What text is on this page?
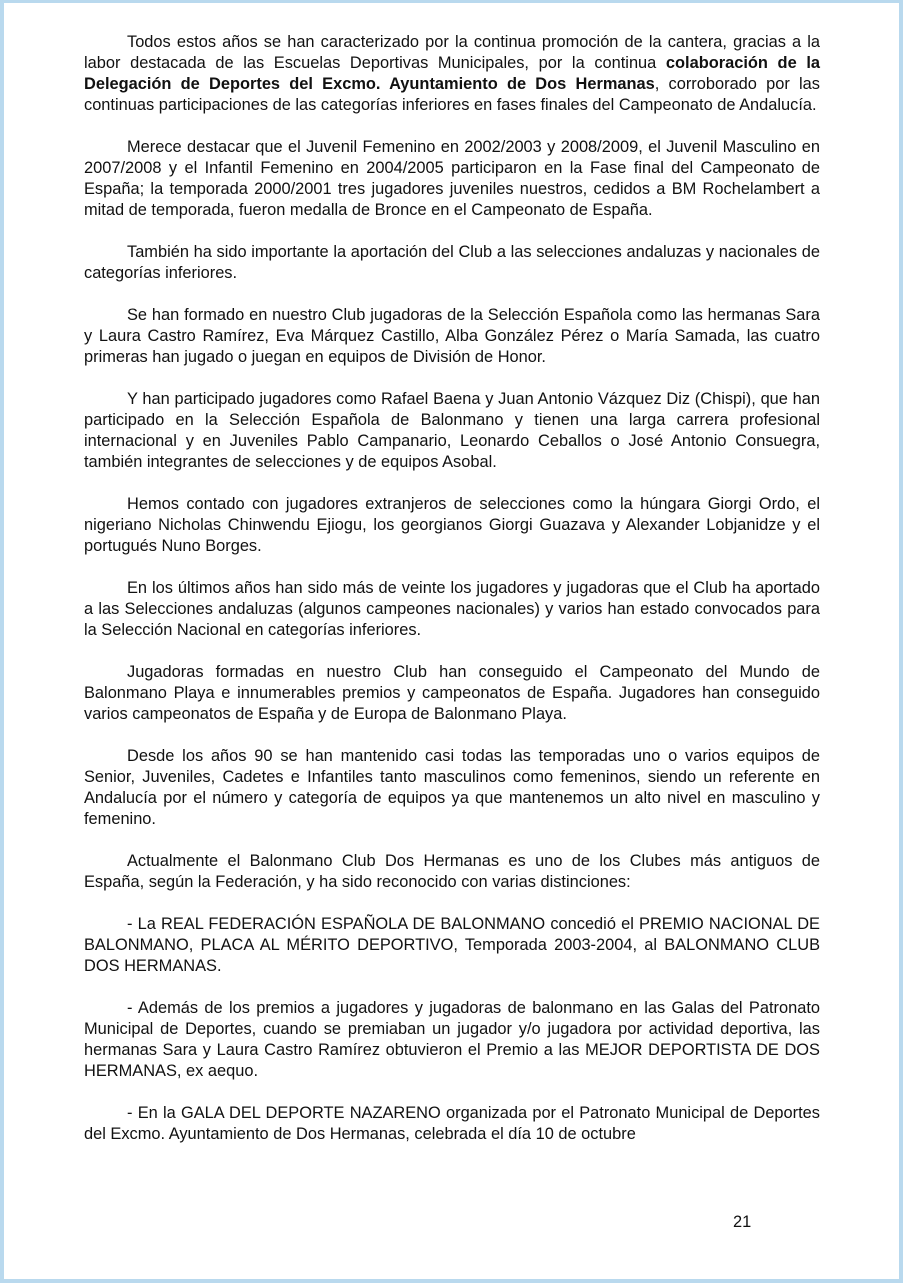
Todos estos años se han caracterizado por la continua promoción de la cantera, gracias a la labor destacada de las Escuelas Deportivas Municipales, por la continua colaboración de la Delegación de Deportes del Excmo. Ayuntamiento de Dos Hermanas, corroborado por las continuas participaciones de las categorías inferiores en fases finales del Campeonato de Andalucía.

Merece destacar que el Juvenil Femenino en 2002/2003 y 2008/2009, el Juvenil Masculino en 2007/2008 y el Infantil Femenino en 2004/2005 participaron en la Fase final del Campeonato de España; la temporada 2000/2001 tres jugadores juveniles nuestros, cedidos a BM Rochelambert a mitad de temporada, fueron medalla de Bronce en el Campeonato de España.

También ha sido importante la aportación del Club a las selecciones andaluzas y nacionales de categorías inferiores.

Se han formado en nuestro Club jugadoras de la Selección Española como las hermanas Sara y Laura Castro Ramírez, Eva Márquez Castillo, Alba González Pérez o María Samada, las cuatro primeras han jugado o juegan en equipos de División de Honor.

Y han participado jugadores como Rafael Baena y Juan Antonio Vázquez Diz (Chispi), que han participado en la Selección Española de Balonmano y tienen una larga carrera profesional internacional y en Juveniles Pablo Campanario, Leonardo Ceballos o José Antonio Consuegra, también integrantes de selecciones y de equipos Asobal.

Hemos contado con jugadores extranjeros de selecciones como la húngara Giorgi Ordo, el nigeriano Nicholas Chinwendu Ejiogu, los georgianos Giorgi Guazava y Alexander Lobjanidze y el portugués Nuno Borges.

En los últimos años han sido más de veinte los jugadores y jugadoras que el Club ha aportado a las Selecciones andaluzas (algunos campeones nacionales) y varios han estado convocados para la Selección Nacional en categorías inferiores.

Jugadoras formadas en nuestro Club han conseguido el Campeonato del Mundo de Balonmano Playa e innumerables premios y campeonatos de España. Jugadores han conseguido varios campeonatos de España y de Europa de Balonmano Playa.

Desde los años 90 se han mantenido casi todas las temporadas uno o varios equipos de Senior, Juveniles, Cadetes e Infantiles tanto masculinos como femeninos, siendo un referente en Andalucía por el número y categoría de equipos ya que mantenemos un alto nivel en masculino y femenino.

Actualmente el Balonmano Club Dos Hermanas es uno de los Clubes más antiguos de España, según la Federación, y ha sido reconocido con varias distinciones:

- La REAL FEDERACIÓN ESPAÑOLA DE BALONMANO concedió el PREMIO NACIONAL DE BALONMANO, PLACA AL MÉRITO DEPORTIVO, Temporada 2003-2004, al BALONMANO CLUB DOS HERMANAS.

- Además de los premios a jugadores y jugadoras de balonmano en las Galas del Patronato Municipal de Deportes, cuando se premiaban un jugador y/o jugadora por actividad deportiva, las hermanas Sara y Laura Castro Ramírez obtuvieron el Premio a las MEJOR DEPORTISTA DE DOS HERMANAS, ex aequo.

- En la GALA DEL DEPORTE NAZARENO organizada por el Patronato Municipal de Deportes del Excmo. Ayuntamiento de Dos Hermanas, celebrada el día 10 de octubre

21
